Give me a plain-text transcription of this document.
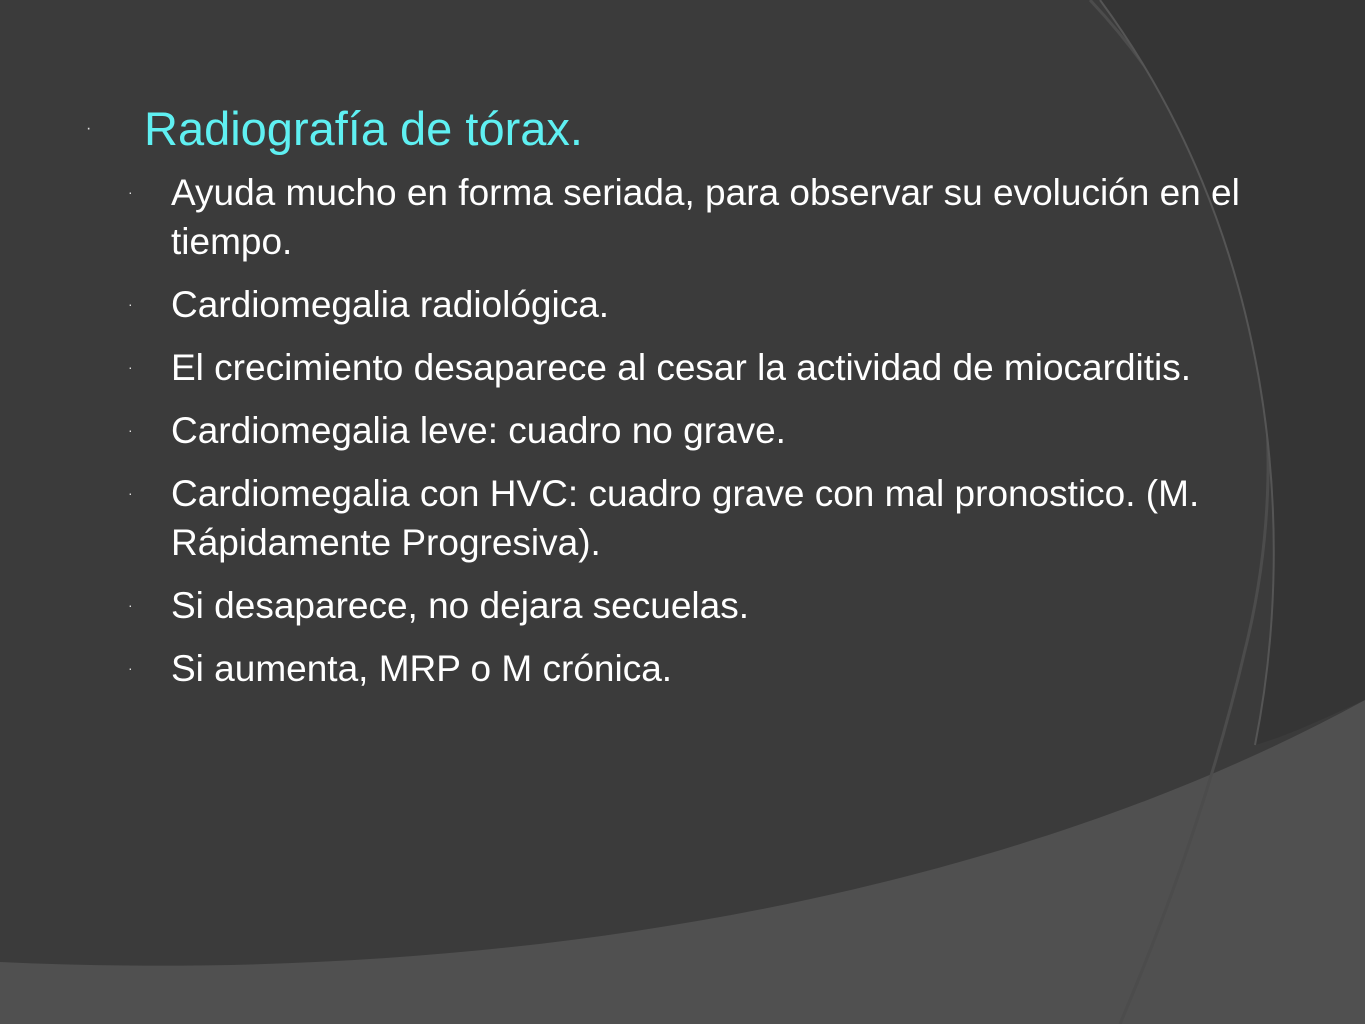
·	Radiografía de tórax.
· Ayuda mucho en forma seriada, para observar su evolución en el tiempo.
· Cardiomegalia radiológica.
· El crecimiento desaparece al cesar la actividad de miocarditis.
· Cardiomegalia leve: cuadro no grave.
· Cardiomegalia con HVC: cuadro grave con mal pronostico. (M. Rápidamente Progresiva).
· Si desaparece, no dejara secuelas.
· Si aumenta, MRP o M crónica.
